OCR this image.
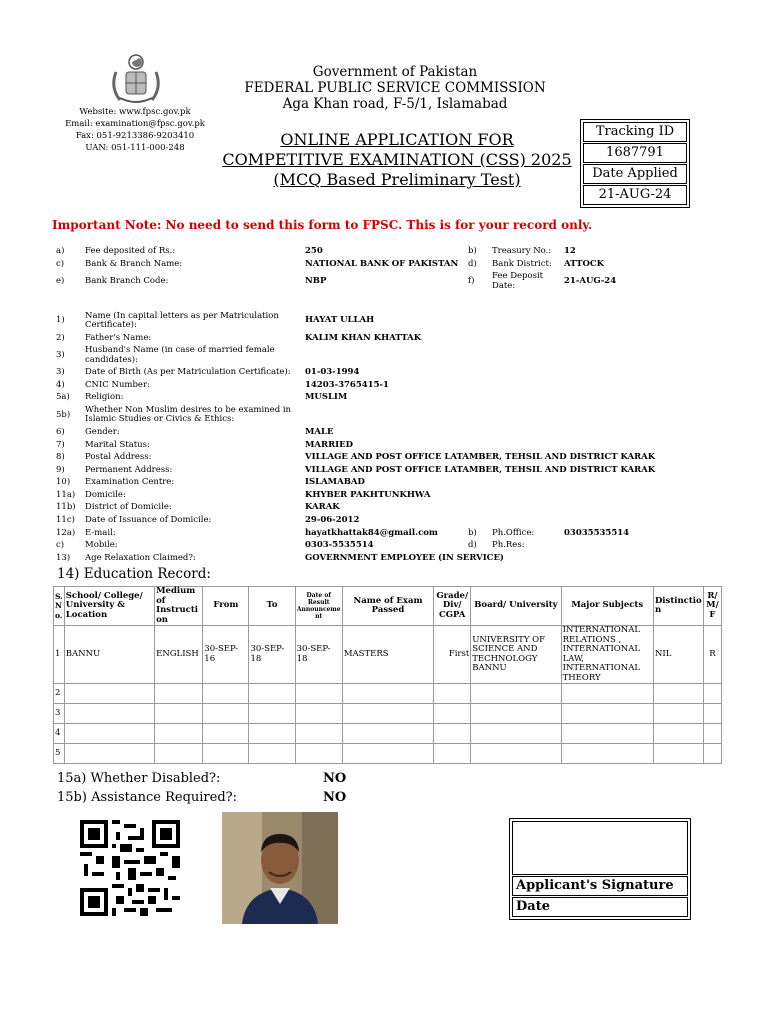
Website: www.fpsc.gov.pk
Email: examination@fpsc.gov.pk
Fax: 051-9213386-9203410
UAN: 051-111-000-248
Government of Pakistan
FEDERAL PUBLIC SERVICE COMMISSION
Aga Khan road, F-5/1, Islamabad
ONLINE APPLICATION FOR
COMPETITIVE EXAMINATION (CSS) 2025
(MCQ Based Preliminary Test)
Tracking ID
1687791
Date Applied
21-AUG-24
Important Note: No need to send this form to FPSC. This is for your record only.
a)	Fee deposited of Rs.:	250	b)	Treasury No.:	12
c)	Bank & Branch Name:	NATIONAL BANK OF PAKISTAN	d)	Bank District:	ATTOCK
e)	Bank Branch Code:	NBP	f)	Fee Deposit Date:	21-AUG-24
1)	Name (In capital letters as per Matriculation Certificate):	HAYAT ULLAH			
2)	Father's Name:	KALIM KHAN KHATTAK			
3)	Husband's Name (in case of married female candidates):				
3)	Date of Birth (As per Matriculation Certificate):	01-03-1994			
4)	CNIC Number:	14203-3765415-1			
5a)	Religion:	MUSLIM			
5b)	Whether Non Muslim desires to be examined in Islamic Studies or Civics & Ethics:				
6)	Gender:	MALE			
7)	Marital Status:	MARRIED			
8)	Postal Address:	VILLAGE AND POST OFFICE LATAMBER, TEHSIL AND DISTRICT KARAK			
9)	Permanent Address:	VILLAGE AND POST OFFICE LATAMBER, TEHSIL AND DISTRICT KARAK			
10)	Examination Centre:	ISLAMABAD			
11a)	Domicile:	KHYBER PAKHTUNKHWA			
11b)	District of Domicile:	KARAK			
11c)	Date of Issuance of Domicile:	29-06-2012			
12a)	E-mail:	hayatkhattak84@gmail.com	b)	Ph.Office:	03035535514
c)	Mobile:	0303-5535514	d)	Ph.Res:	
13)	Age Relaxation Claimed?:	GOVERNMENT EMPLOYEE (IN SERVICE)			
14) Education Record:
S. N o.	School/ College/ University & Location	Medium of Instructi on	From	To	Date of Result Announceme nt	Name of Exam Passed	Grade/ Div/ CGPA	Board/ University	Major Subjects	Distinctio n	R/ M/ F
1	BANNU	ENGLISH	30-SEP-16	30-SEP-18	30-SEP-18	MASTERS	First	UNIVERSITY OF SCIENCE AND TECHNOLOGY BANNU	INTERNATIONAL RELATIONS , INTERNATIONAL LAW, INTERNATIONAL THEORY	NIL	R
2											
3											
4											
5											
15a) Whether Disabled?:	NO
15b) Assistance Required?:	NO
Applicant's Signature
Date
